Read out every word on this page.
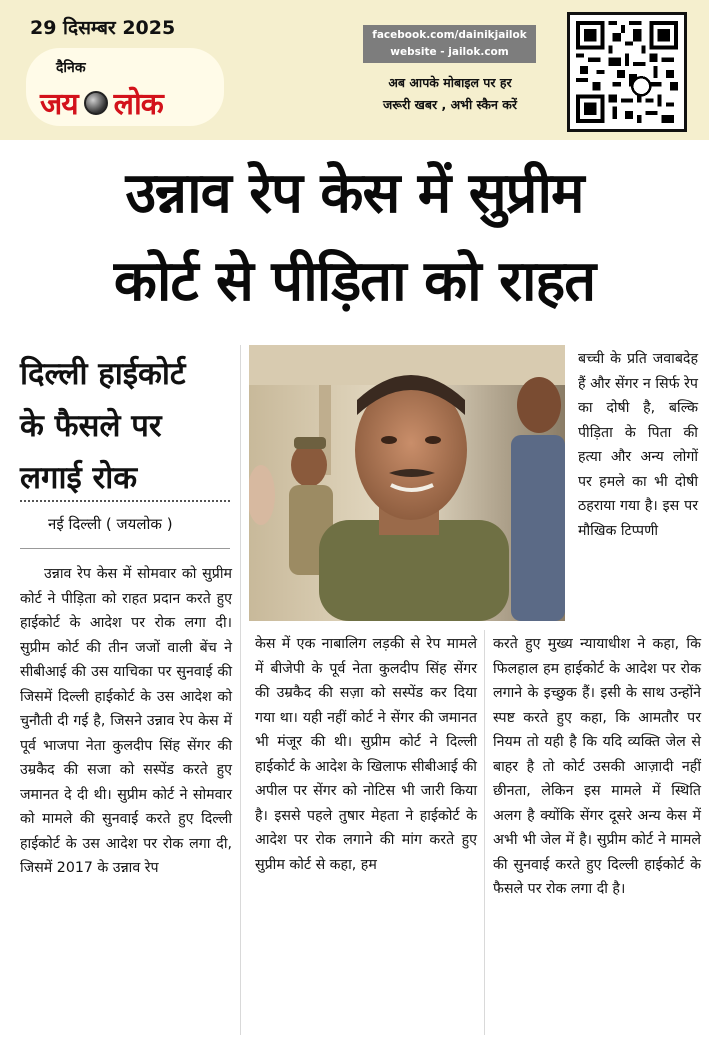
29 दिसम्बर 2025
दैनिक
जय लोक
facebook.com/dainikjailok
website - jailok.com
अब आपके मोबाइल पर हर
जरूरी खबर , अभी स्कैन करें
उन्नाव रेप केस में सुप्रीम
कोर्ट से पीड़िता को राहत
दिल्ली हाईकोर्ट
के फैसले पर
लगाई रोक
नई दिल्ली ( जयलोक )

उन्नाव रेप केस में सोमवार को सुप्रीम कोर्ट ने पीड़िता को राहत प्रदान करते हुए हाईकोर्ट के आदेश पर रोक लगा दी। सुप्रीम कोर्ट की तीन जजों वाली बेंच ने सीबीआई की उस याचिका पर सुनवाई की जिसमें दिल्ली हाईकोर्ट के उस आदेश को चुनौती दी गई है, जिसने उन्नाव रेप केस में पूर्व भाजपा नेता कुलदीप सिंह सेंगर की उम्रकैद की सजा को सस्पेंड करते हुए जमानत दे दी थी। सुप्रीम कोर्ट ने सोमवार को मामले की सुनवाई करते हुए दिल्ली हाईकोर्ट के उस आदेश पर रोक लगा दी, जिसमें 2017 के उन्नाव रेप

बच्ची के प्रति जवाबदेह हैं और सेंगर न सिर्फ रेप का दोषी है, बल्कि पीड़िता के पिता की हत्या और अन्य लोगों पर हमले का भी दोषी ठहराया गया है। इस पर मौखिक टिप्पणी

केस में एक नाबालिग लड़की से रेप मामले में बीजेपी के पूर्व नेता कुलदीप सिंह सेंगर की उम्रकैद की सज़ा को सस्पेंड कर दिया गया था। यही नहीं कोर्ट ने सेंगर की जमानत भी मंजूर की थी। सुप्रीम कोर्ट ने दिल्ली हाईकोर्ट के आदेश के खिलाफ सीबीआई की अपील पर सेंगर को नोटिस भी जारी किया है। इससे पहले तुषार मेहता ने हाईकोर्ट के आदेश पर रोक लगाने की मांग करते हुए सुप्रीम कोर्ट से कहा, हम

करते हुए मुख्य न्यायाधीश ने कहा, कि फिलहाल हम हाईकोर्ट के आदेश पर रोक लगाने के इच्छुक हैं। इसी के साथ उन्होंने स्पष्ट करते हुए कहा, कि आमतौर पर नियम तो यही है कि यदि व्यक्ति जेल से बाहर है तो कोर्ट उसकी आज़ादी नहीं छीनता, लेकिन इस मामले में स्थिति अलग है क्योंकि सेंगर दूसरे अन्य केस में अभी भी जेल में है। सुप्रीम कोर्ट ने मामले की सुनवाई करते हुए दिल्ली हाईकोर्ट के फैसले पर रोक लगा दी है।
